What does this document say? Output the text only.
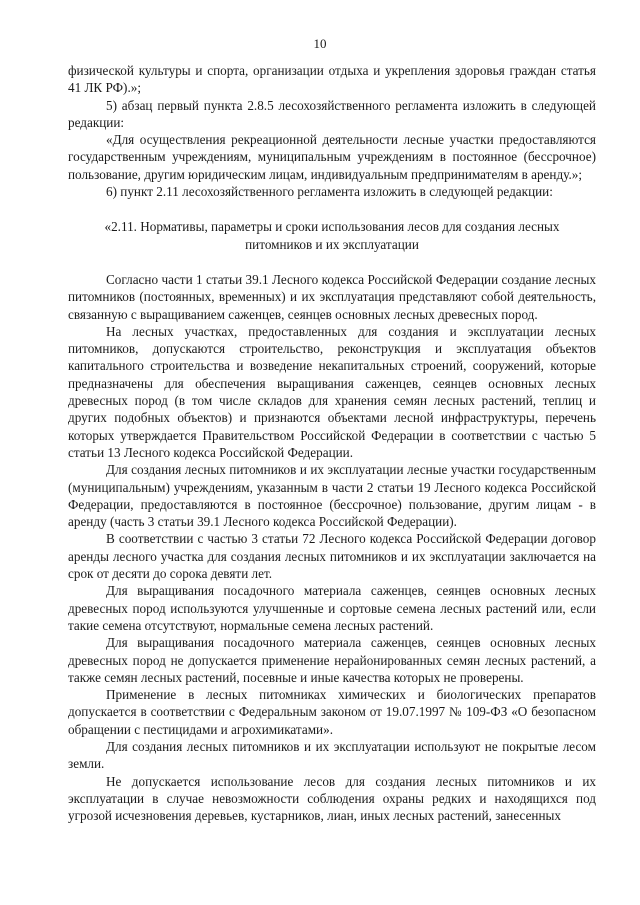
10

физической культуры и спорта, организации отдыха и укрепления здоровья граждан статья 41 ЛК РФ).»;

5) абзац первый пункта 2.8.5 лесохозяйственного регламента изложить в следующей редакции:

«Для осуществления рекреационной деятельности лесные участки предоставляются государственным учреждениям, муниципальным учреждениям в постоянное (бессрочное) пользование, другим юридическим лицам, индивидуальным предпринимателям в аренду.»;

6) пункт 2.11 лесохозяйственного регламента изложить в следующей редакции:

«2.11. Нормативы, параметры и сроки использования лесов для создания лесных питомников и их эксплуатации

Согласно части 1 статьи 39.1 Лесного кодекса Российской Федерации создание лесных питомников (постоянных, временных) и их эксплуатация представляют собой деятельность, связанную с выращиванием саженцев, сеянцев основных лесных древесных пород.

На лесных участках, предоставленных для создания и эксплуатации лесных питомников, допускаются строительство, реконструкция и эксплуатация объектов капитального строительства и возведение некапитальных строений, сооружений, которые предназначены для обеспечения выращивания саженцев, сеянцев основных лесных древесных пород (в том числе складов для хранения семян лесных растений, теплиц и других подобных объектов) и признаются объектами лесной инфраструктуры, перечень которых утверждается Правительством Российской Федерации в соответствии с частью 5 статьи 13 Лесного кодекса Российской Федерации.

Для создания лесных питомников и их эксплуатации лесные участки государственным (муниципальным) учреждениям, указанным в части 2 статьи 19 Лесного кодекса Российской Федерации, предоставляются в постоянное (бессрочное) пользование, другим лицам - в аренду (часть 3 статьи 39.1 Лесного кодекса Российской Федерации).

В соответствии с частью 3 статьи 72 Лесного кодекса Российской Федерации договор аренды лесного участка для создания лесных питомников и их эксплуатации заключается на срок от десяти до сорока девяти лет.

Для выращивания посадочного материала саженцев, сеянцев основных лесных древесных пород используются улучшенные и сортовые семена лесных растений или, если такие семена отсутствуют, нормальные семена лесных растений.

Для выращивания посадочного материала саженцев, сеянцев основных лесных древесных пород не допускается применение нерайонированных семян лесных растений, а также семян лесных растений, посевные и иные качества которых не проверены.

Применение в лесных питомниках химических и биологических препаратов допускается в соответствии с Федеральным законом от 19.07.1997 № 109-ФЗ «О безопасном обращении с пестицидами и агрохимикатами».

Для создания лесных питомников и их эксплуатации используют не покрытые лесом земли.

Не допускается использование лесов для создания лесных питомников и их эксплуатации в случае невозможности соблюдения охраны редких и находящихся под угрозой исчезновения деревьев, кустарников, лиан, иных лесных растений, занесенных
